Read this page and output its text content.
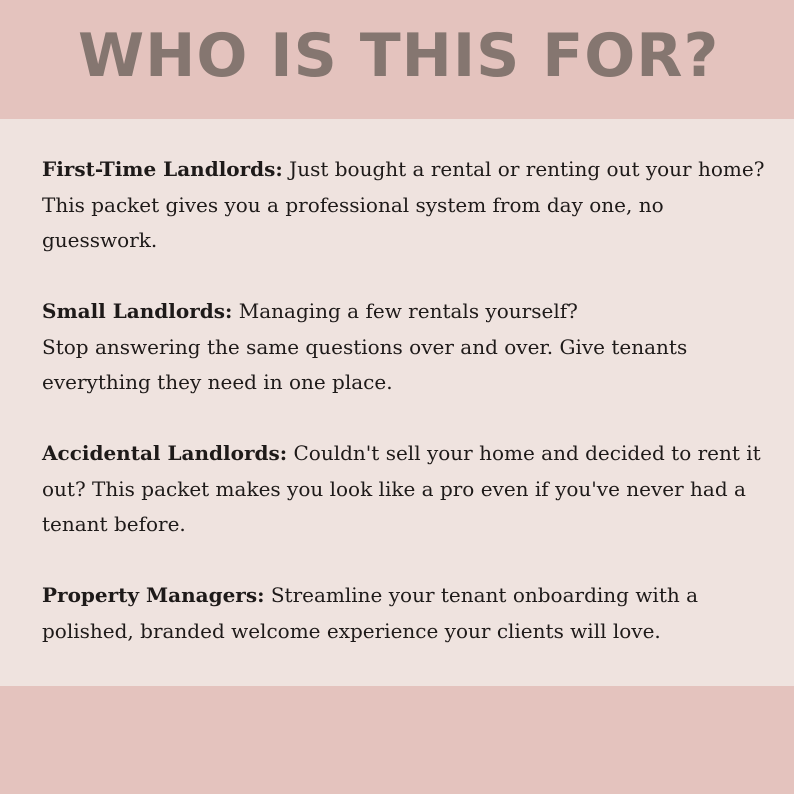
WHO IS THIS FOR?

First-Time Landlords: Just bought a rental or renting out your home? This packet gives you a professional system from day one, no guesswork.

Small Landlords: Managing a few rentals yourself?
Stop answering the same questions over and over. Give tenants everything they need in one place.

Accidental Landlords: Couldn't sell your home and decided to rent it out? This packet makes you look like a pro even if you've never had a tenant before.

Property Managers: Streamline your tenant onboarding with a polished, branded welcome experience your clients will love.
